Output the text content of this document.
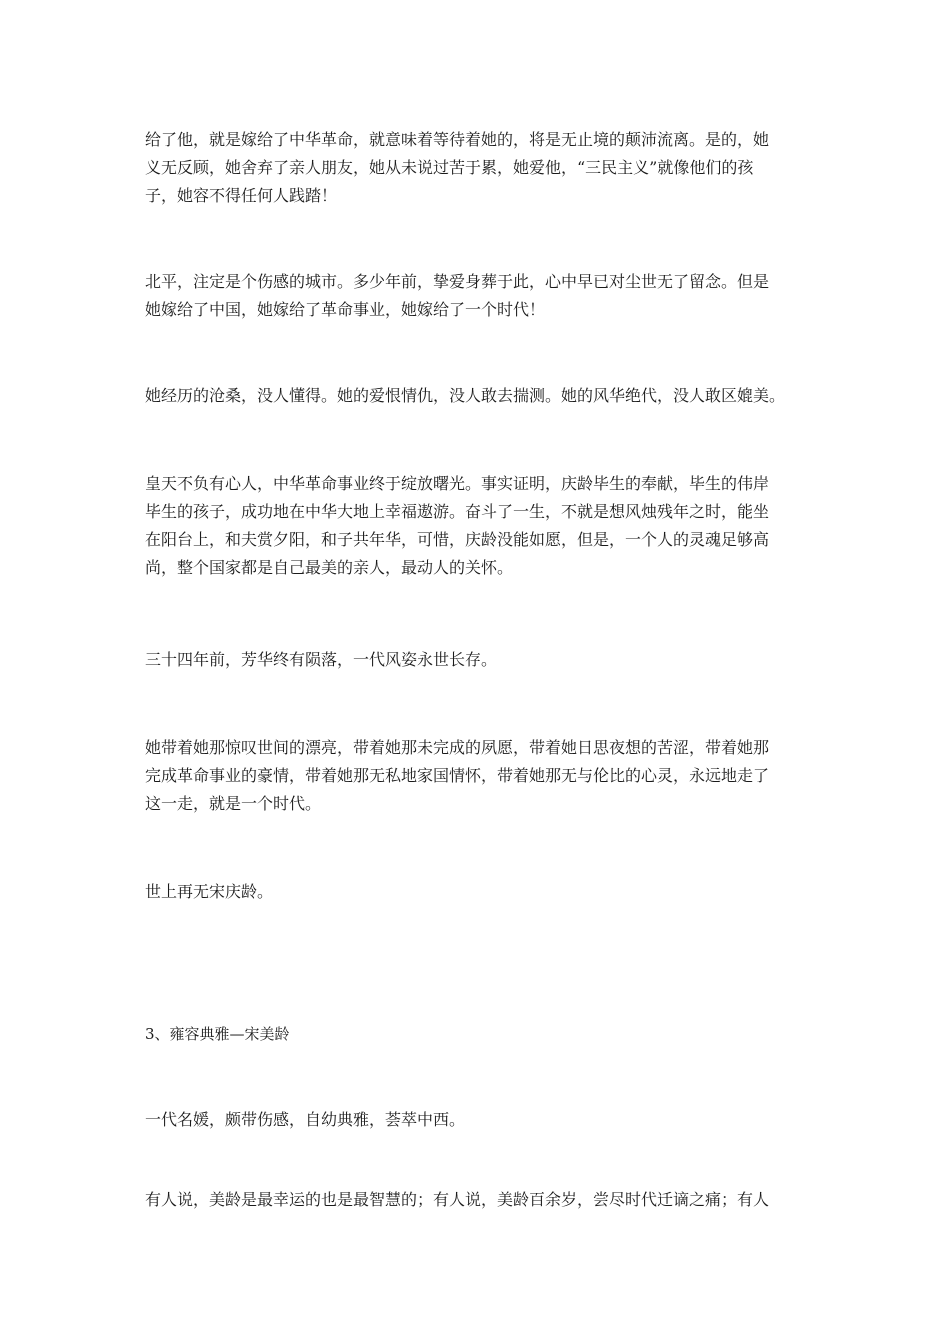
给了他，就是嫁给了中华革命，就意味着等待着她的，将是无止境的颠沛流离。是的，她
义无反顾，她舍弃了亲人朋友，她从未说过苦于累，她爱他，“三民主义”就像他们的孩
子，她容不得任何人践踏！

北平，注定是个伤感的城市。多少年前，挚爱身葬于此，心中早已对尘世无了留念。但是
她嫁给了中国，她嫁给了革命事业，她嫁给了一个时代！

她经历的沧桑，没人懂得。她的爱恨情仇，没人敢去揣测。她的风华绝代，没人敢区媲美。

皇天不负有心人，中华革命事业终于绽放曙光。事实证明，庆龄毕生的奉献，毕生的伟岸
毕生的孩子，成功地在中华大地上幸福遨游。奋斗了一生，不就是想风烛残年之时，能坐
在阳台上，和夫赏夕阳，和子共年华，可惜，庆龄没能如愿，但是，一个人的灵魂足够高
尚，整个国家都是自己最美的亲人，最动人的关怀。

三十四年前，芳华终有陨落，一代风姿永世长存。

她带着她那惊叹世间的漂亮，带着她那未完成的夙愿，带着她日思夜想的苦涩，带着她那
完成革命事业的豪情，带着她那无私地家国情怀，带着她那无与伦比的心灵，永远地走了
这一走，就是一个时代。

世上再无宋庆龄。

3、雍容典雅—宋美龄

一代名媛，颇带伤感，自幼典雅，荟萃中西。

有人说，美龄是最幸运的也是最智慧的；有人说，美龄百余岁，尝尽时代迁谪之痛；有人
